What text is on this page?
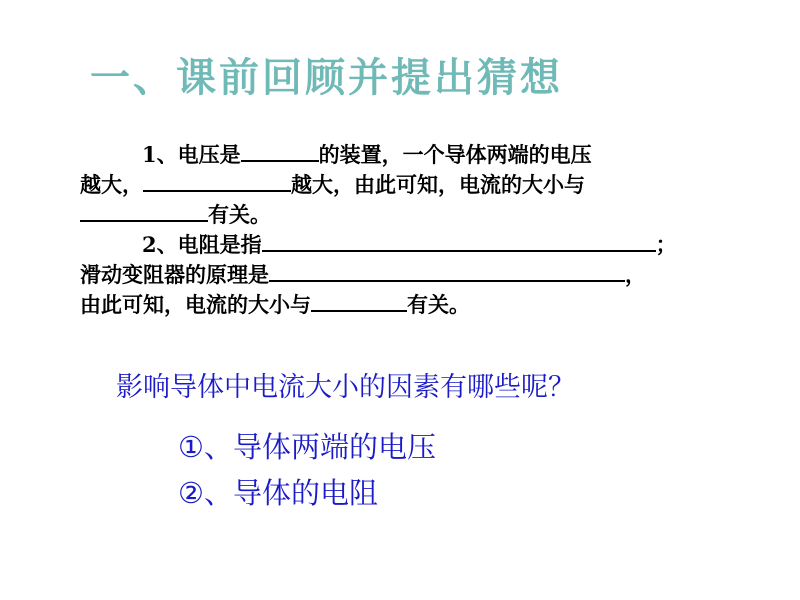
一、课前回顾并提出猜想
1、电压是	的装置，一个导体两端的电压
越大，	越大，由此可知，电流的大小与
有关。
2、电阻是指	；
滑动变阻器的原理是	，
由此可知，电流的大小与	有关。
影响导体中电流大小的因素有哪些呢？
①、导体两端的电压
②、导体的电阻
